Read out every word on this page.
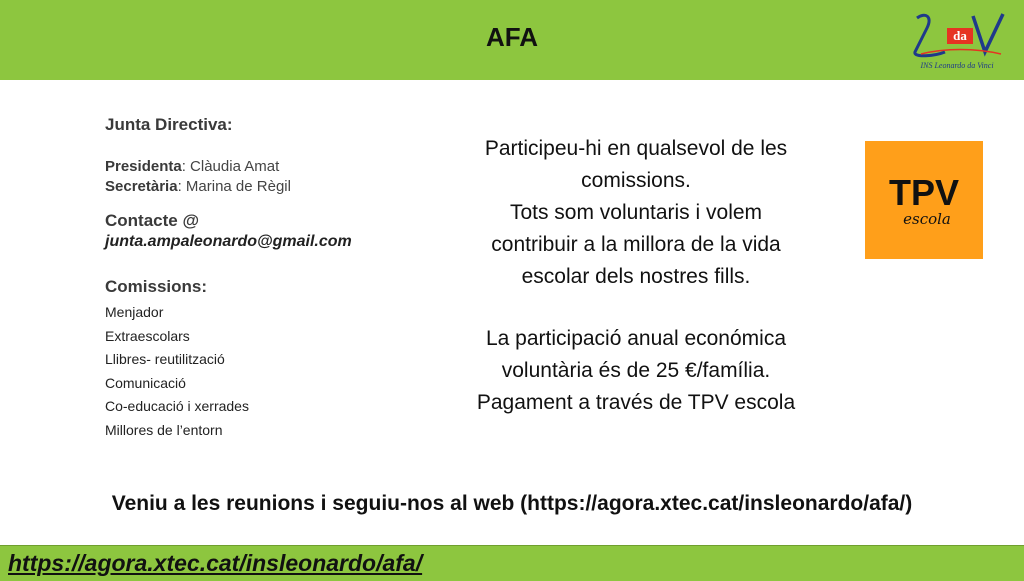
AFA	da
INS Leonardo da Vinci
Junta Directiva:
Presidenta: Clàudia Amat
Secretària: Marina de Règil
Contacte @
junta.ampaleonardo@gmail.com
Comissions:
Menjador
Extraescolars
Llibres- reutilització
Comunicació
Co-educació i xerrades
Millores de l’entorn

Participeu-hi en qualsevol de les

comissions.

Tots som voluntaris i volem

contribuir a la millora de la vida

escolar dels nostres fills.

La participació anual económica

voluntària és de 25 €/família.

Pagament a través de TPV escola

TPV
escola
Veniu a les reunions i seguiu-nos al web (https://agora.xtec.cat/insleonardo/afa/)
https://agora.xtec.cat/insleonardo/afa/
